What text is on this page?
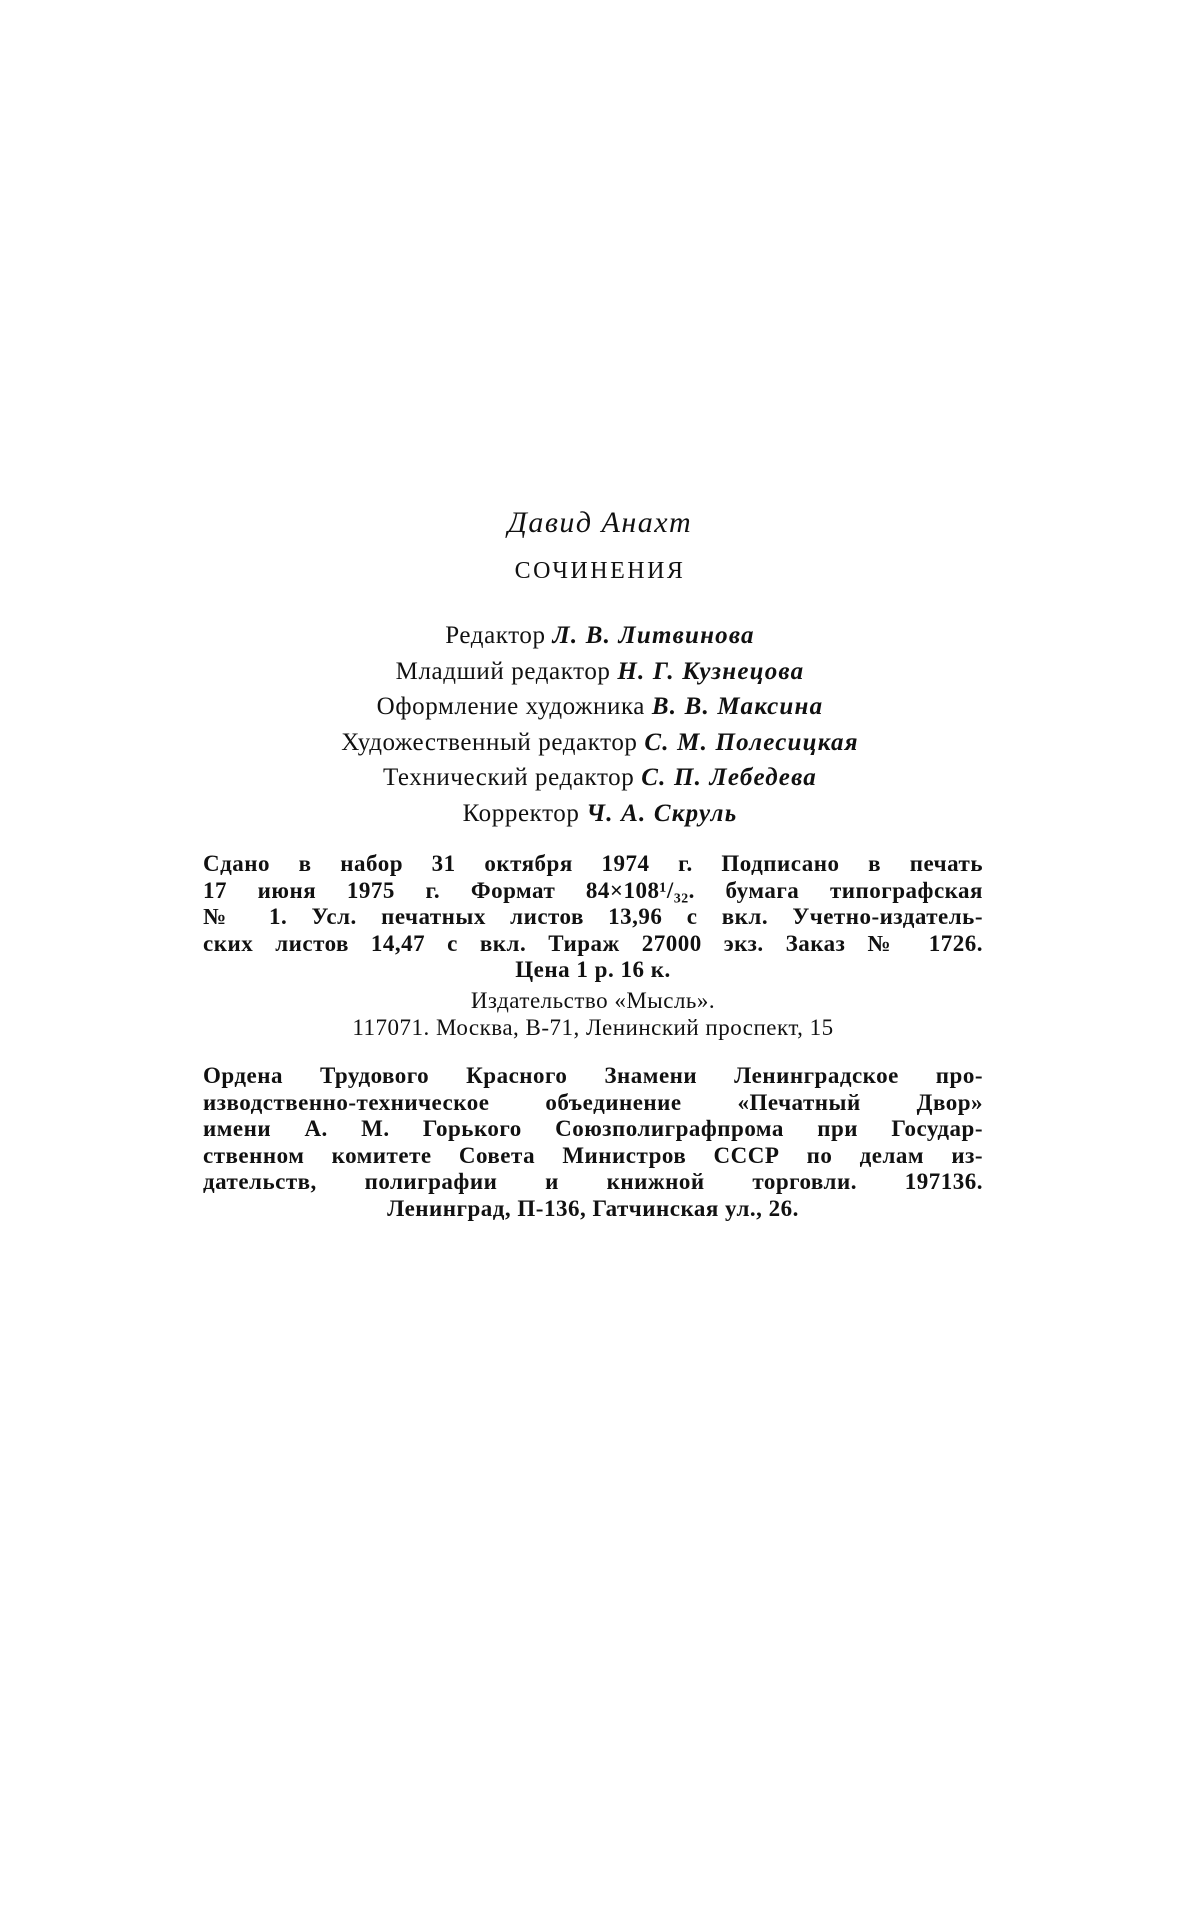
Давид Анахт
СОЧИНЕНИЯ
Редактор Л. В. Литвинова
Младший редактор Н. Г. Кузнецова
Оформление художника В. В. Максина
Художественный редактор С. М. Полесицкая
Технический редактор С. П. Лебедева
Корректор Ч. А. Скруль
Сдано в набор 31 октября 1974 г. Подписано в печать
17 июня 1975 г. Формат 84×108¹/₃₂. бумага типографская
№ 1. Усл. печатных листов 13,96 с вкл. Учетно-издатель-
ских листов 14,47 с вкл. Тираж 27000 экз. Заказ № 1726.
Цена 1 р. 16 к.
Издательство «Мысль».
117071. Москва, В-71, Ленинский проспект, 15
Ордена Трудового Красного Знамени Ленинградское про-
изводственно-техническое объединение «Печатный Двор»
имени А. М. Горького Союзполиграфпрома при Государ-
ственном комитете Совета Министров СССР по делам из-
дательств, полиграфии и книжной торговли. 197136.
Ленинград, П-136, Гатчинская ул., 26.
